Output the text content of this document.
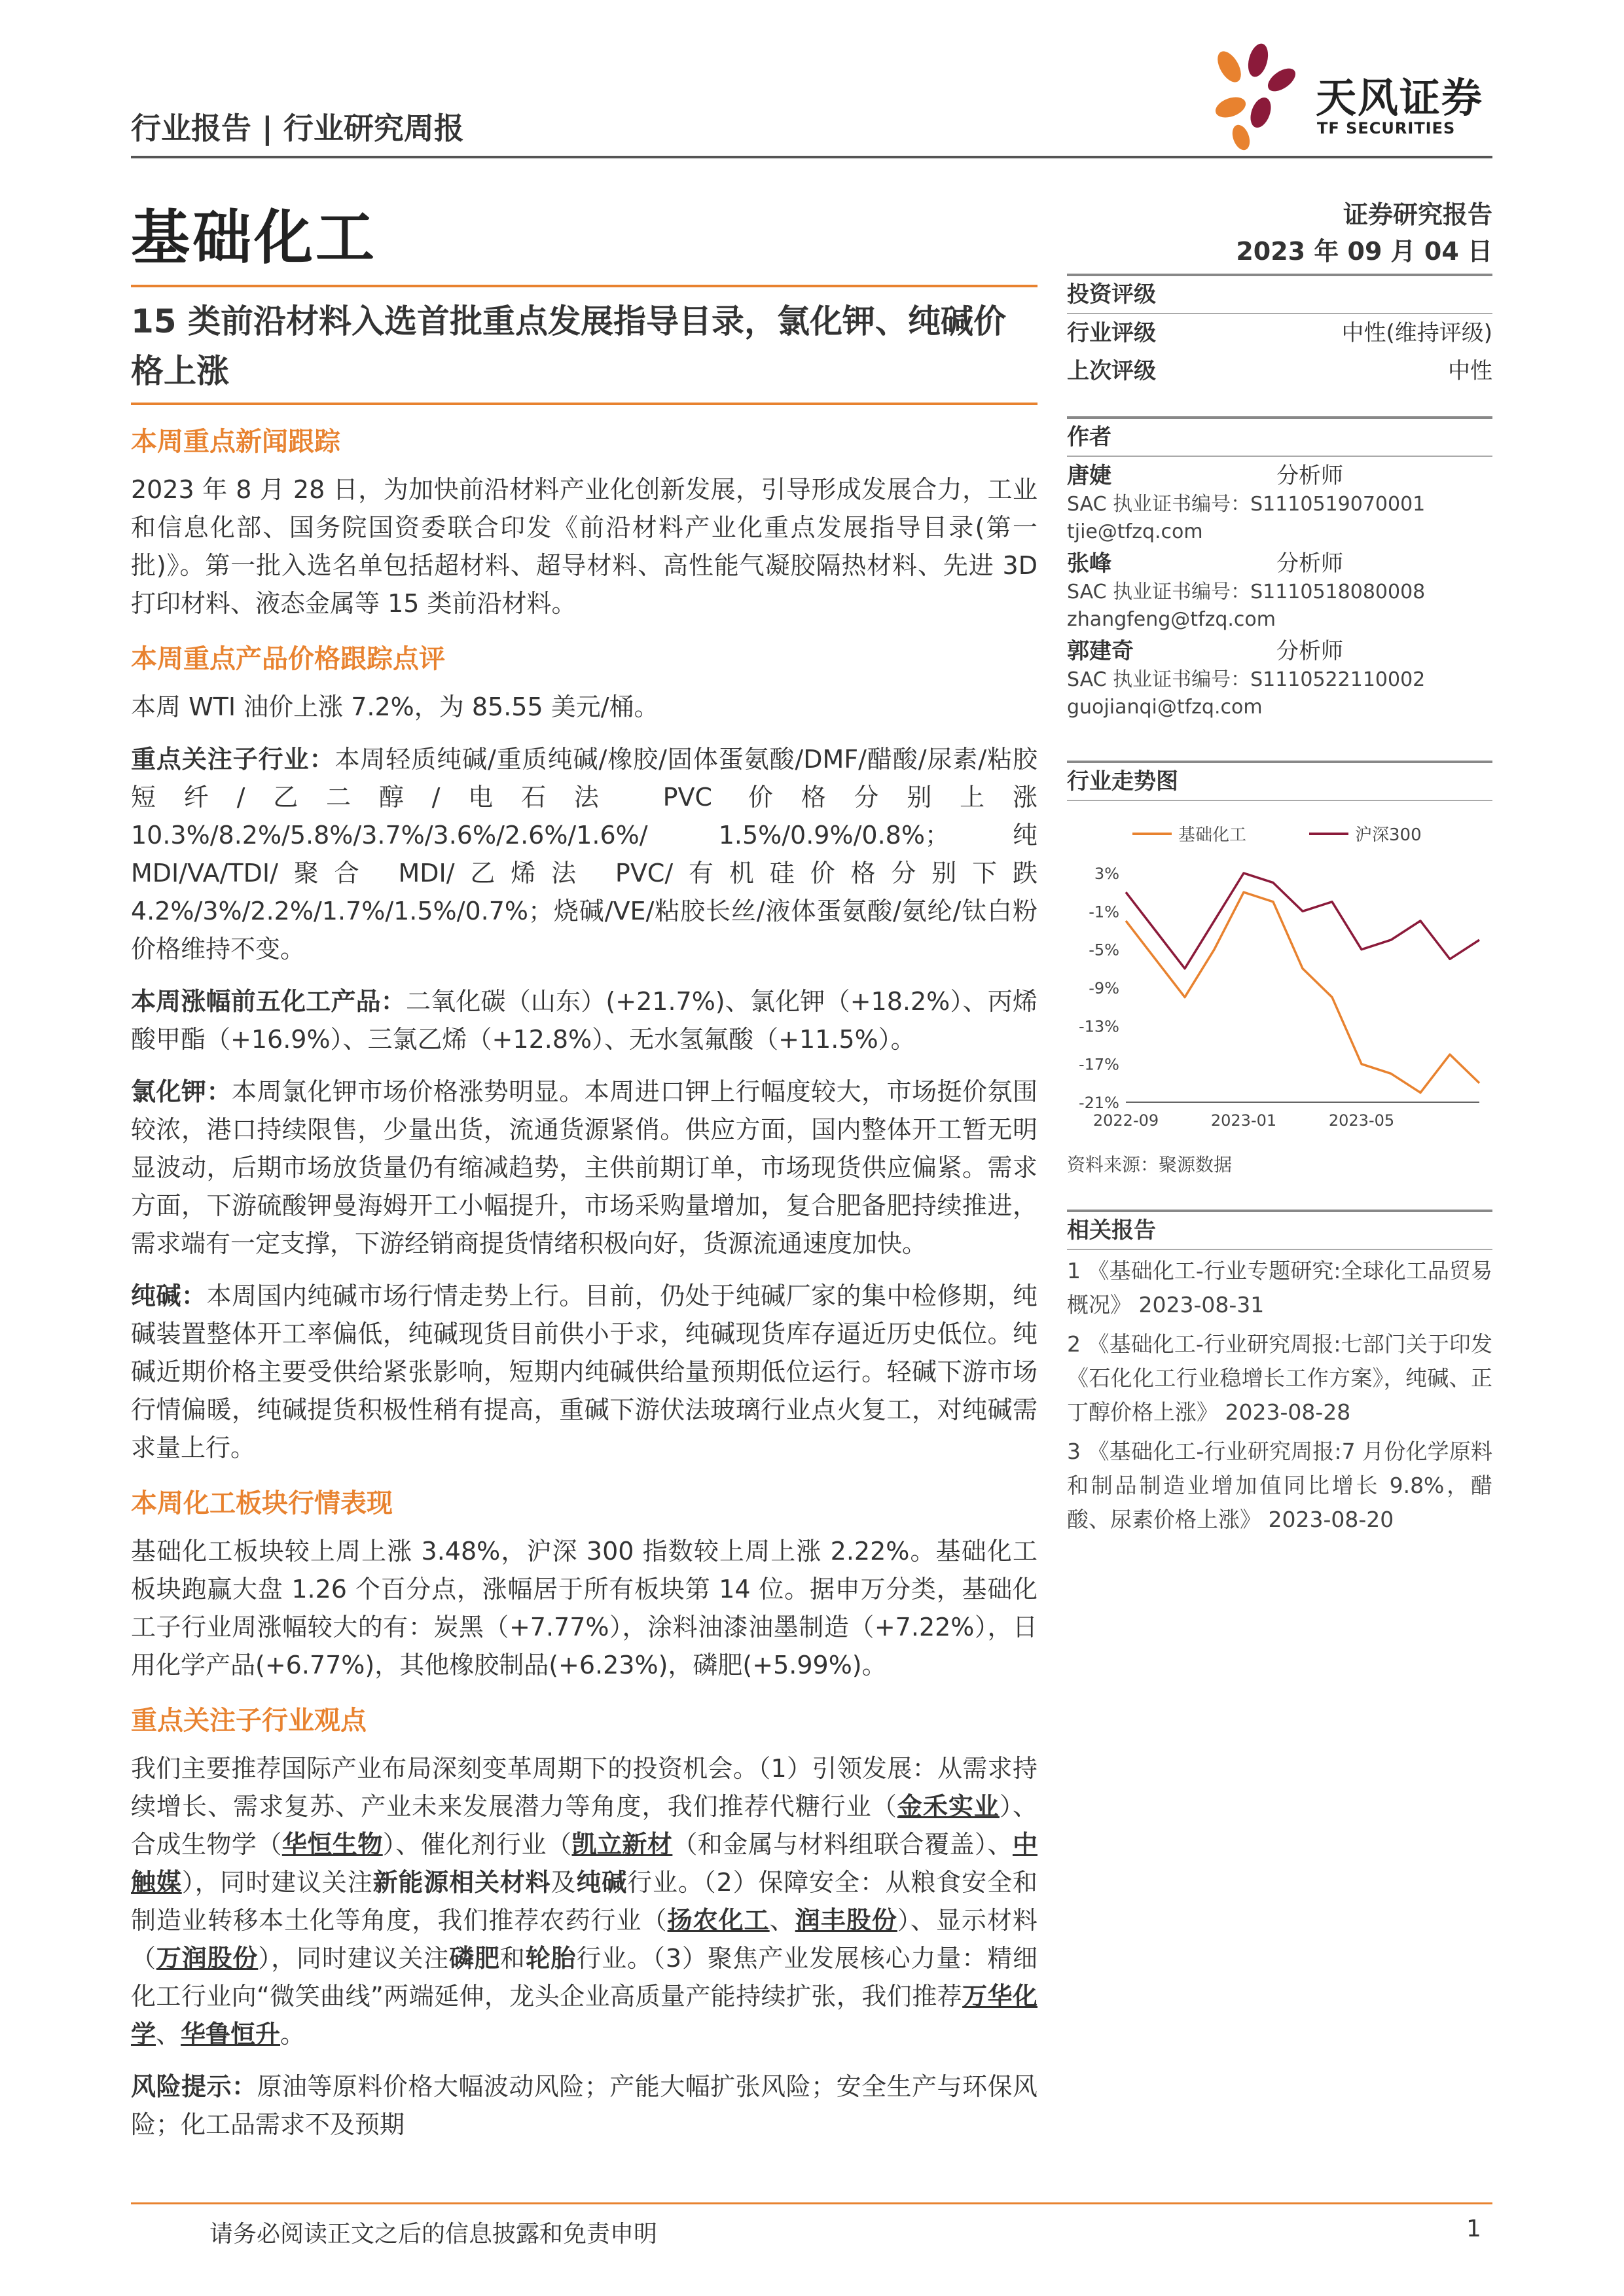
行业报告 | 行业研究周报
基础化工
天风证券
TF SECURITIES
15 类前沿材料入选首批重点发展指导目录，氯化钾、纯碱价格上涨
本周重点新闻跟踪

2023 年 8 月 28 日，为加快前沿材料产业化创新发展，引导形成发展合力，工业和信息化部、国务院国资委联合印发《前沿材料产业化重点发展指导目录(第一批)》。第一批入选名单包括超材料、超导材料、高性能气凝胶隔热材料、先进 3D 打印材料、液态金属等 15 类前沿材料。

本周重点产品价格跟踪点评

本周 WTI 油价上涨 7.2%，为 85.55 美元/桶。

重点关注子行业：本周轻质纯碱/重质纯碱/橡胶/固体蛋氨酸/DMF/醋酸/尿素/粘胶短纤/乙二醇/电石法 PVC 价格分别上涨 10.3%/8.2%/5.8%/3.7%/3.6%/2.6%/1.6%/ 1.5%/0.9%/0.8%；纯 MDI/VA/TDI/聚合 MDI/乙烯法 PVC/有机硅价格分别下跌 4.2%/3%/2.2%/1.7%/1.5%/0.7%；烧碱/VE/粘胶长丝/液体蛋氨酸/氨纶/钛白粉价格维持不变。

本周涨幅前五化工产品：二氧化碳（山东）(+21.7%)、氯化钾（+18.2%）、丙烯酸甲酯（+16.9%）、三氯乙烯（+12.8%）、无水氢氟酸（+11.5%）。

氯化钾：本周氯化钾市场价格涨势明显。本周进口钾上行幅度较大，市场挺价氛围较浓，港口持续限售，少量出货，流通货源紧俏。供应方面，国内整体开工暂无明显波动，后期市场放货量仍有缩减趋势，主供前期订单，市场现货供应偏紧。需求方面，下游硫酸钾曼海姆开工小幅提升，市场采购量增加，复合肥备肥持续推进，需求端有一定支撑，下游经销商提货情绪积极向好，货源流通速度加快。

纯碱：本周国内纯碱市场行情走势上行。目前，仍处于纯碱厂家的集中检修期，纯碱装置整体开工率偏低，纯碱现货目前供小于求，纯碱现货库存逼近历史低位。纯碱近期价格主要受供给紧张影响，短期内纯碱供给量预期低位运行。轻碱下游市场行情偏暖，纯碱提货积极性稍有提高，重碱下游伏法玻璃行业点火复工，对纯碱需求量上行。

本周化工板块行情表现

基础化工板块较上周上涨 3.48%，沪深 300 指数较上周上涨 2.22%。基础化工板块跑赢大盘 1.26 个百分点，涨幅居于所有板块第 14 位。据申万分类，基础化工子行业周涨幅较大的有：炭黑（+7.77%），涂料油漆油墨制造（+7.22%），日用化学产品(+6.77%)，其他橡胶制品(+6.23%)，磷肥(+5.99%)。

重点关注子行业观点

我们主要推荐国际产业布局深刻变革周期下的投资机会。（1）引领发展：从需求持续增长、需求复苏、产业未来发展潜力等角度，我们推荐代糖行业（金禾实业）、合成生物学（华恒生物）、催化剂行业（凯立新材（和金属与材料组联合覆盖）、中触媒），同时建议关注新能源相关材料及纯碱行业。（2）保障安全：从粮食安全和制造业转移本土化等角度，我们推荐农药行业（扬农化工、润丰股份）、显示材料（万润股份），同时建议关注磷肥和轮胎行业。（3）聚焦产业发展核心力量：精细化工行业向“微笑曲线”两端延伸，龙头企业高质量产能持续扩张，我们推荐万华化学、华鲁恒升。

风险提示：原油等原料价格大幅波动风险；产能大幅扩张风险；安全生产与环保风险；化工品需求不及预期

证券研究报告
2023 年 09 月 04 日
投资评级
行业评级	中性(维持评级)
上次评级	中性
作者
唐婕	分析师
SAC 执业证书编号：S1110519070001
tjie@tfzq.com
张峰	分析师
SAC 执业证书编号：S1110518080008
zhangfeng@tfzq.com
郭建奇	分析师
SAC 执业证书编号：S1110522110002
guojianqi@tfzq.com
行业走势图
基础化工	沪深300
3%
-1%
-5%
-9%
-13%
-17%
-21%
2022-09	2023-01	2023-05
资料来源：聚源数据
相关报告
1 《基础化工-行业专题研究:全球化工品贸易概况》 2023-08-31
2 《基础化工-行业研究周报:七部门关于印发《石化化工行业稳增长工作方案》，纯碱、正丁醇价格上涨》 2023-08-28
3 《基础化工-行业研究周报:7 月份化学原料和制品制造业增加值同比增长 9.8%，醋酸、尿素价格上涨》 2023-08-20
请务必阅读正文之后的信息披露和免责申明	1
